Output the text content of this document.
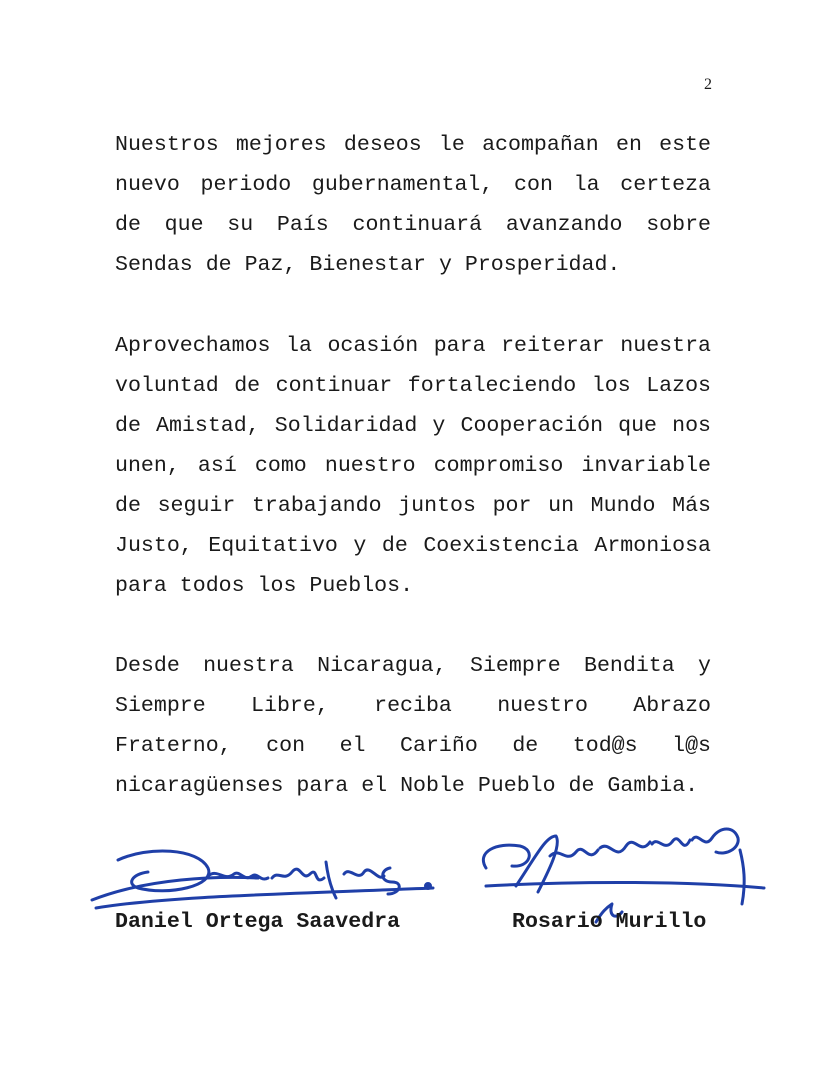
2

Nuestros mejores deseos le acompañan en este nuevo periodo gubernamental, con la certeza de que su País continuará avanzando sobre Sendas de Paz, Bienestar y Prosperidad.

Aprovechamos la ocasión para reiterar nuestra voluntad de continuar fortaleciendo los Lazos de Amistad, Solidaridad y Cooperación que nos unen, así como nuestro compromiso invariable de seguir trabajando juntos por un Mundo Más Justo, Equitativo y de Coexistencia Armoniosa para todos los Pueblos.

Desde nuestra Nicaragua, Siempre Bendita y Siempre Libre, reciba nuestro Abrazo Fraterno, con el Cariño de tod@s l@s nicaragüenses para el Noble Pueblo de Gambia.

Daniel Ortega Saavedra	Rosario Murillo
